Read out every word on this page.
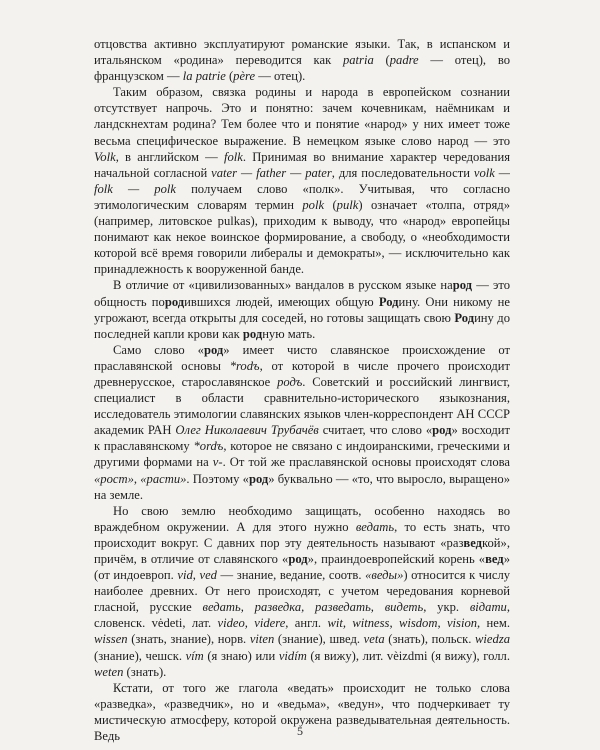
отцовства активно эксплуатируют романские языки. Так, в испанском и итальянском «родина» переводится как patria (padre — отец), во французском — la patrie (père — отец).

Таким образом, связка родины и народа в европейском сознании отсутствует напрочь. Это и понятно: зачем кочевникам, наёмникам и ландскнехтам родина? Тем более что и понятие «народ» у них имеет тоже весьма специфическое выражение. В немецком языке слово народ — это Volk, в английском — folk. Принимая во внимание характер чередования начальной согласной vater — father — pater, для последовательности volk — folk — polk получаем слово «полк». Учитывая, что согласно этимологическим словарям термин polk (pulk) означает «толпа, отряд» (например, литовское pulkas), приходим к выводу, что «народ» европейцы понимают как некое воинское формирование, а свободу, о «необходимости которой всё время говорили либералы и демократы», — исключительно как принадлежность к вооруженной банде.

В отличие от «цивилизованных» вандалов в русском языке народ — это общность породившихся людей, имеющих общую Родину. Они никому не угрожают, всегда открыты для соседей, но готовы защищать свою Родину до последней капли крови как родную мать.

Само слово «род» имеет чисто славянское происхождение от праславянской основы *rodъ, от которой в числе прочего происходит древнерусское, старославянское родъ. Советский и российский лингвист, специалист в области сравнительно-исторического языкознания, исследователь этимологии славянских языков член-корреспондент АН СССР академик РАН Олег Николаевич Трубачёв считает, что слово «род» восходит к праславянскому *ordъ, которое не связано с индоиранскими, греческими и другими формами на v-. От той же праславянской основы происходят слова «рост», «расти». Поэтому «род» буквально — «то, что выросло, выращено» на земле.

Но свою землю необходимо защищать, особенно находясь во враждебном окружении. А для этого нужно ведать, то есть знать, что происходит вокруг. С давних пор эту деятельность называют «разведкой», причём, в отличие от славянского «род», праиндоевропейский корень «вед» (от индоевроп. vid, ved — знание, ведание, соотв. «веды») относится к числу наиболее древних. От него происходят, с учетом чередования корневой гласной, русские ведать, разведка, разведать, видеть, укр. відати, словенск. vėdeti, лат. video, videre, англ. wit, witness, wisdom, vision, нем. wissen (знать, знание), норв. viten (знание), швед. veta (знать), польск. wiedza (знание), чешск. vím (я знаю) или vidím (я вижу), лит. vèizdmi (я вижу), голл. weten (знать).

Кстати, от того же глагола «ведать» происходит не только слова «разведка», «разведчик», но и «ведьма», «ведун», что подчеркивает ту мистическую атмосферу, которой окружена разведывательная деятельность. Ведь	5
